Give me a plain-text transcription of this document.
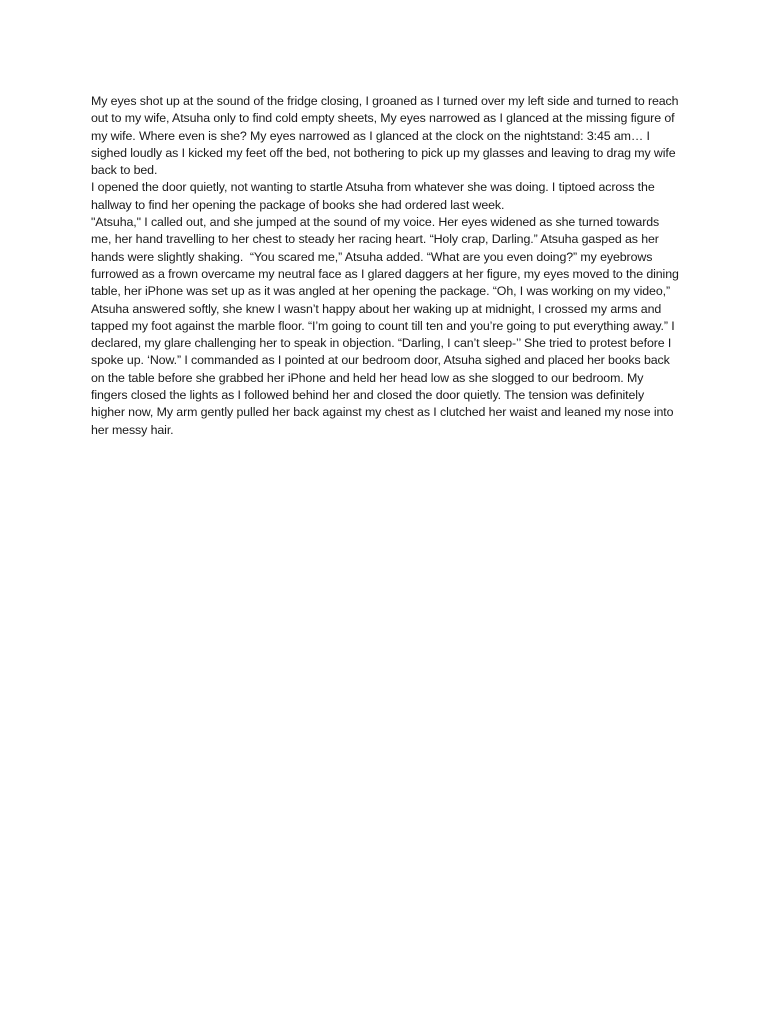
My eyes shot up at the sound of the fridge closing, I groaned as I turned over my left side and turned to reach out to my wife, Atsuha only to find cold empty sheets, My eyes narrowed as I glanced at the missing figure of my wife. Where even is she? My eyes narrowed as I glanced at the clock on the nightstand: 3:45 am… I sighed loudly as I kicked my feet off the bed, not bothering to pick up my glasses and leaving to drag my wife back to bed.

I opened the door quietly, not wanting to startle Atsuha from whatever she was doing. I tiptoed across the hallway to find her opening the package of books she had ordered last week.

"Atsuha," I called out, and she jumped at the sound of my voice. Her eyes widened as she turned towards me, her hand travelling to her chest to steady her racing heart. “Holy crap, Darling.” Atsuha gasped as her hands were slightly shaking.  “You scared me,” Atsuha added. “What are you even doing?” my eyebrows furrowed as a frown overcame my neutral face as I glared daggers at her figure, my eyes moved to the dining table, her iPhone was set up as it was angled at her opening the package. “Oh, I was working on my video,” Atsuha answered softly, she knew I wasn’t happy about her waking up at midnight, I crossed my arms and tapped my foot against the marble floor. “I’m going to count till ten and you’re going to put everything away.” I declared, my glare challenging her to speak in objection. “Darling, I can’t sleep-’’ She tried to protest before I spoke up. ‘Now.” I commanded as I pointed at our bedroom door, Atsuha sighed and placed her books back on the table before she grabbed her iPhone and held her head low as she slogged to our bedroom. My fingers closed the lights as I followed behind her and closed the door quietly. The tension was definitely higher now, My arm gently pulled her back against my chest as I clutched her waist and leaned my nose into her messy hair.
